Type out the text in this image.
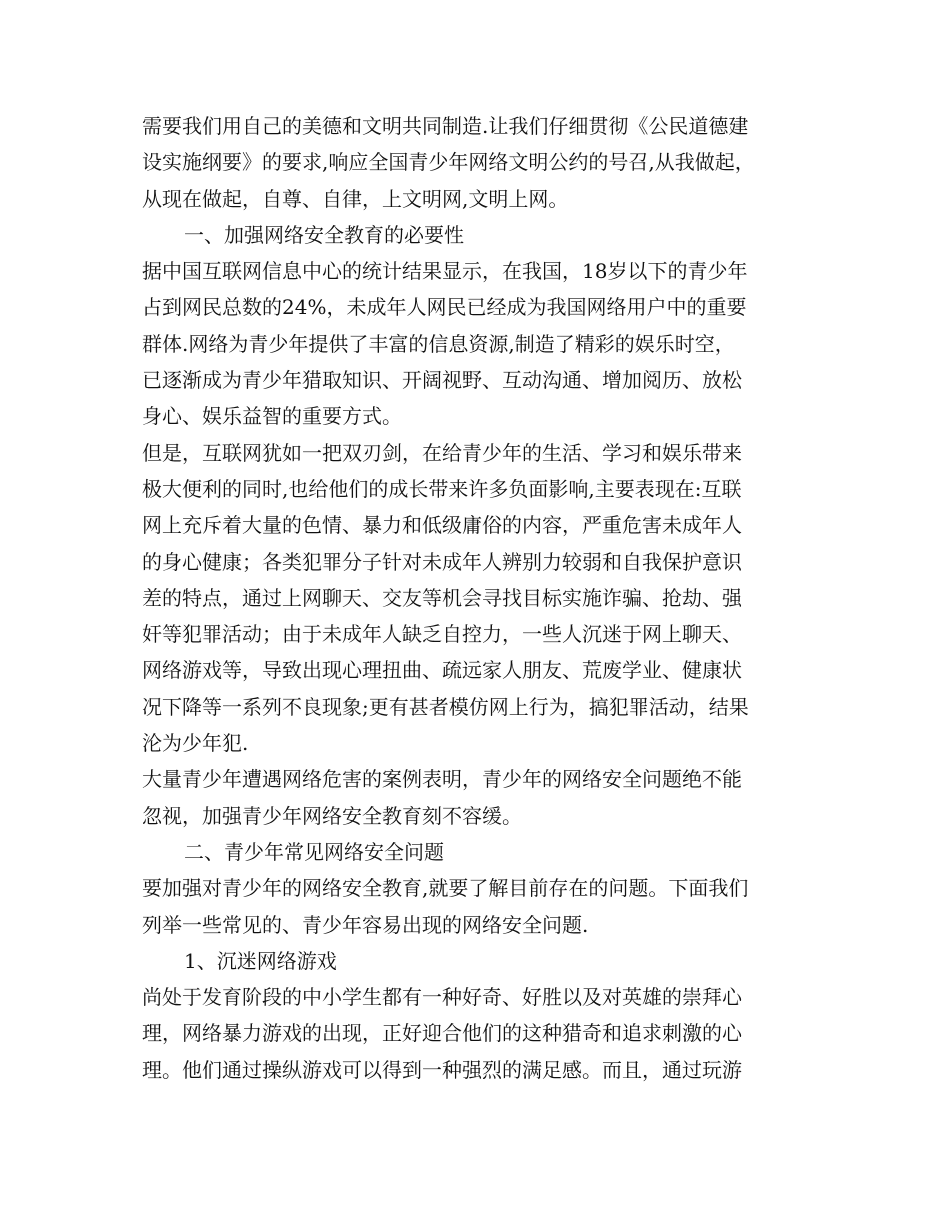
需要我们用自己的美德和文明共同制造.让我们仔细贯彻《公民道德建
设实施纲要》的要求,响应全国青少年网络文明公约的号召,从我做起，
从现在做起，自尊、自律，上文明网,文明上网。
一、加强网络安全教育的必要性
据中国互联网信息中心的统计结果显示，在我国，18岁以下的青少年
占到网民总数的24%，未成年人网民已经成为我国网络用户中的重要
群体.网络为青少年提供了丰富的信息资源,制造了精彩的娱乐时空，
已逐渐成为青少年猎取知识、开阔视野、互动沟通、增加阅历、放松
身心、娱乐益智的重要方式。
但是，互联网犹如一把双刃剑，在给青少年的生活、学习和娱乐带来
极大便利的同时,也给他们的成长带来许多负面影响,主要表现在:互联
网上充斥着大量的色情、暴力和低级庸俗的内容，严重危害未成年人
的身心健康；各类犯罪分子针对未成年人辨别力较弱和自我保护意识
差的特点，通过上网聊天、交友等机会寻找目标实施诈骗、抢劫、强
奸等犯罪活动；由于未成年人缺乏自控力，一些人沉迷于网上聊天、
网络游戏等，导致出现心理扭曲、疏远家人朋友、荒废学业、健康状
况下降等一系列不良现象;更有甚者模仿网上行为，搞犯罪活动，结果
沦为少年犯.
大量青少年遭遇网络危害的案例表明，青少年的网络安全问题绝不能
忽视，加强青少年网络安全教育刻不容缓。
二、青少年常见网络安全问题
要加强对青少年的网络安全教育,就要了解目前存在的问题。下面我们
列举一些常见的、青少年容易出现的网络安全问题.
1、沉迷网络游戏
尚处于发育阶段的中小学生都有一种好奇、好胜以及对英雄的崇拜心
理，网络暴力游戏的出现，正好迎合他们的这种猎奇和追求刺激的心
理。他们通过操纵游戏可以得到一种强烈的满足感。而且，通过玩游
